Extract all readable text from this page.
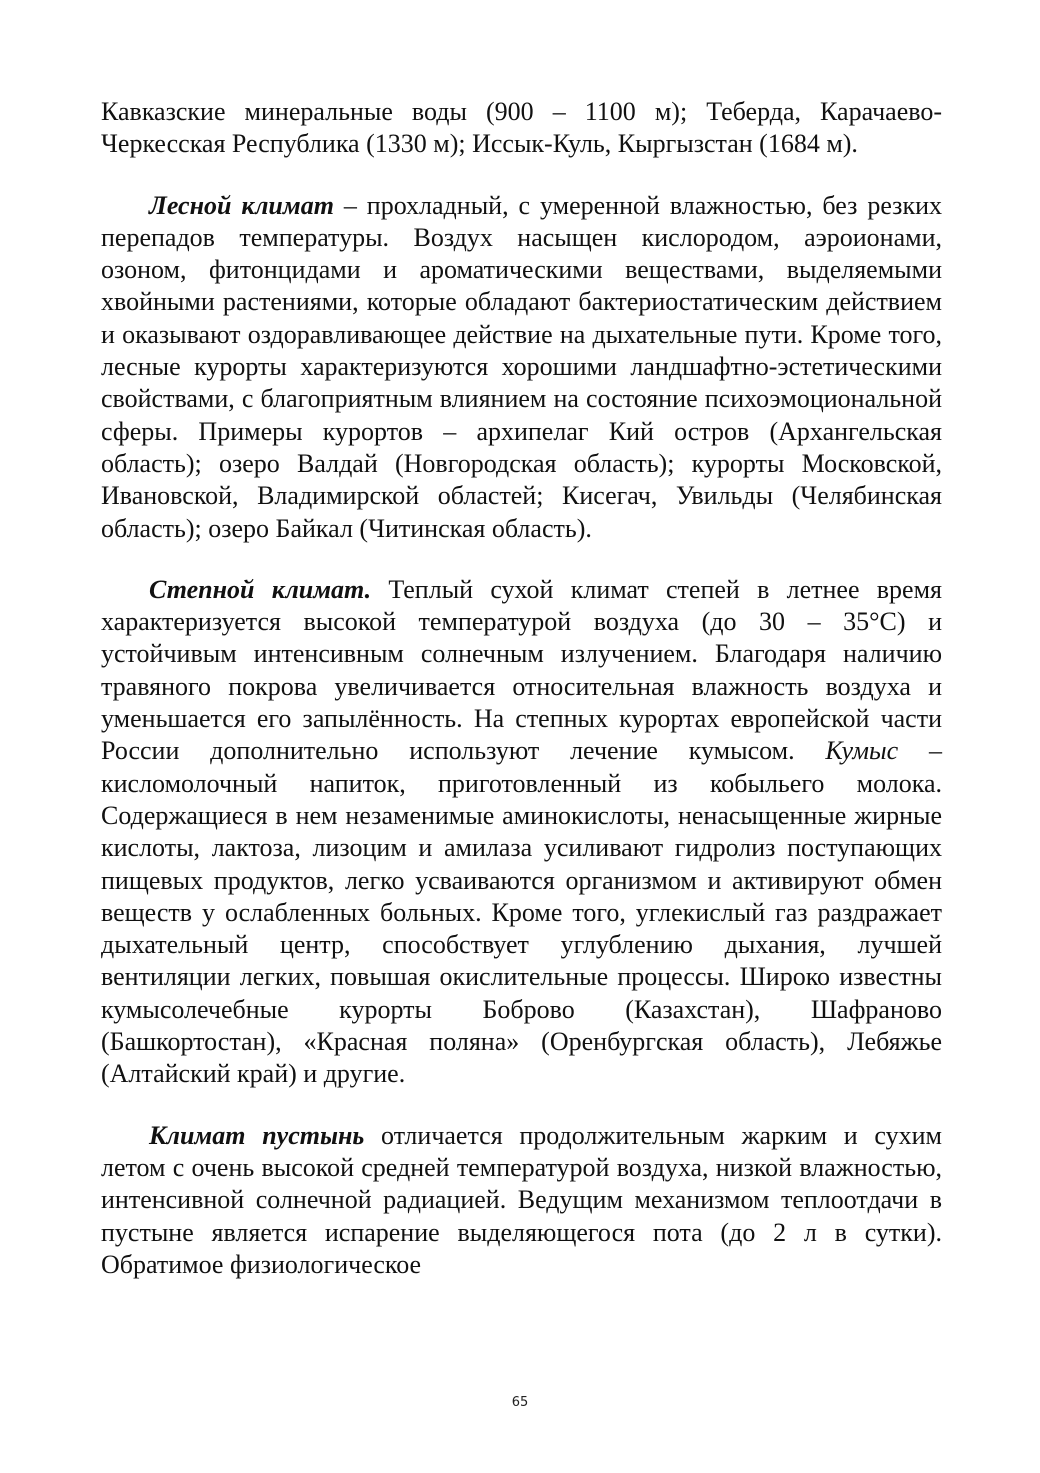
Кавказские минеральные воды (900 – 1100 м); Теберда, Карачаево-Черкесская Республика (1330 м); Иссык-Куль, Кыргызстан (1684 м).

Лесной климат – прохладный, с умеренной влажностью, без резких перепадов температуры. Воздух насыщен кислородом, аэроионами, озоном, фитонцидами и ароматическими веществами, выделяемыми хвойными растениями, которые обладают бактериостатическим действием и оказывают оздоравливающее действие на дыхательные пути. Кроме того, лесные курорты характеризуются хорошими ландшафтно-эстетическими свойствами, с благоприятным влиянием на состояние психоэмоциональной сферы. Примеры курортов – архипелаг Кий остров (Архангельская область); озеро Валдай (Новгородская область); курорты Московской, Ивановской, Владимирской областей; Кисегач, Увильды (Челябинская область); озеро Байкал (Читинская область).

Степной климат. Теплый сухой климат степей в летнее время характеризуется высокой температурой воздуха (до 30 – 35°С) и устойчивым интенсивным солнечным излучением. Благодаря наличию травяного покрова увеличивается относительная влажность воздуха и уменьшается его запылённость. На степных курортах европейской части России дополнительно используют лечение кумысом. Кумыс – кисломолочный напиток, приготовленный из кобыльего молока. Содержащиеся в нем незаменимые аминокислоты, ненасыщенные жирные кислоты, лактоза, лизоцим и амилаза усиливают гидролиз поступающих пищевых продуктов, легко усваиваются организмом и активируют обмен веществ у ослабленных больных. Кроме того, углекислый газ раздражает дыхательный центр, способствует углублению дыхания, лучшей вентиляции легких, повышая окислительные процессы. Широко известны кумысолечебные курорты Боброво (Казахстан), Шафраново (Башкортостан), «Красная поляна» (Оренбургская область), Лебяжье (Алтайский край) и другие.

Климат пустынь отличается продолжительным жарким и сухим летом с очень высокой средней температурой воздуха, низкой влажностью, интенсивной солнечной радиацией. Ведущим механизмом теплоотдачи в пустыне является испарение выделяющегося пота (до 2 л в сутки). Обратимое физиологическое

65
